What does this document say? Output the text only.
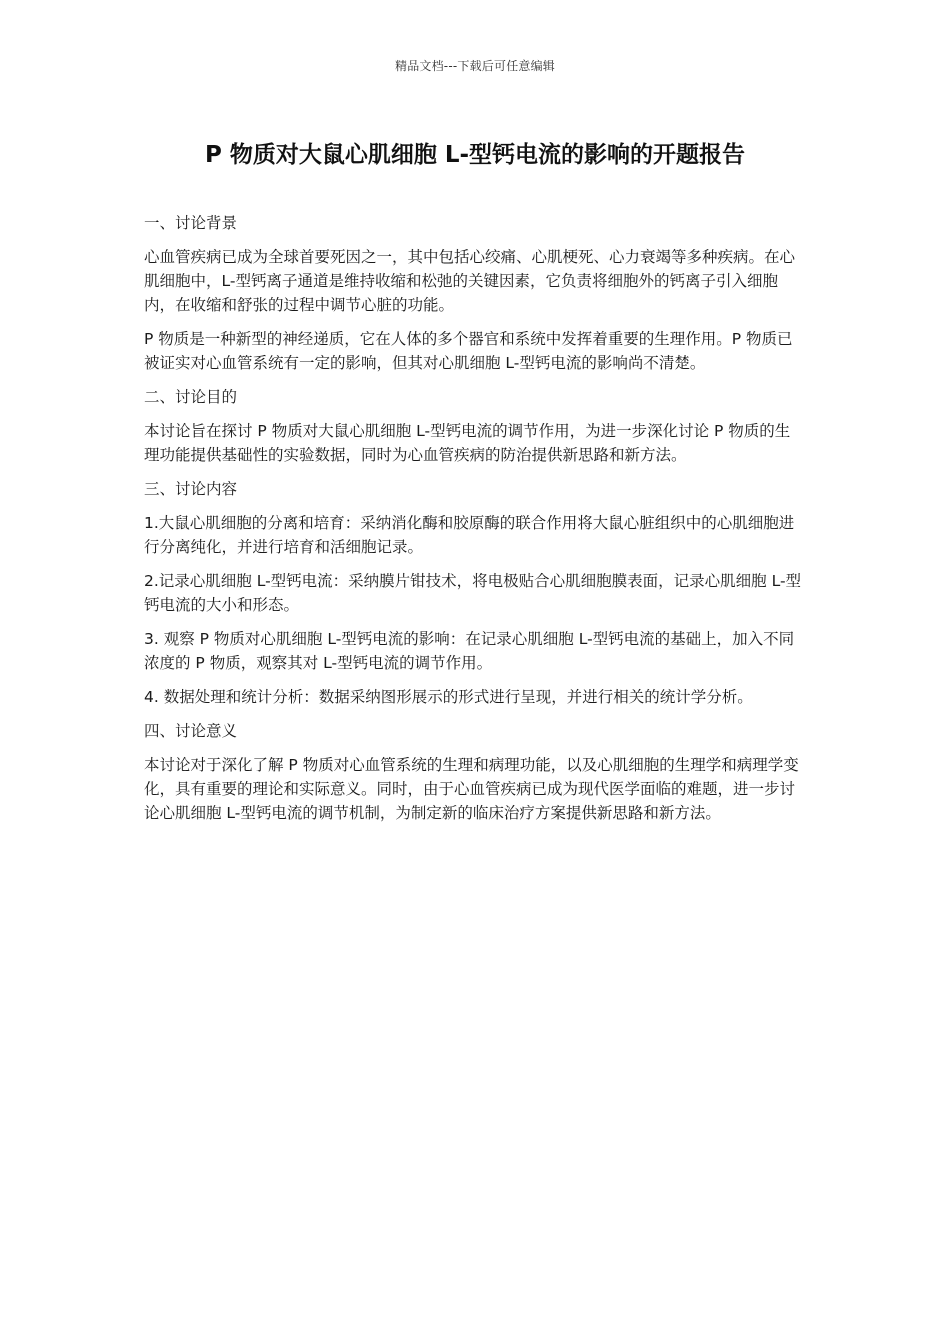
精品文档---下载后可任意编辑
P 物质对大鼠心肌细胞 L-型钙电流的影响的开题报告

一、讨论背景

心血管疾病已成为全球首要死因之一，其中包括心绞痛、心肌梗死、心力衰竭等多种疾病。在心肌细胞中，L-型钙离子通道是维持收缩和松弛的关键因素，它负责将细胞外的钙离子引入细胞内，在收缩和舒张的过程中调节心脏的功能。

P 物质是一种新型的神经递质，它在人体的多个器官和系统中发挥着重要的生理作用。P 物质已被证实对心血管系统有一定的影响，但其对心肌细胞 L-型钙电流的影响尚不清楚。

二、讨论目的

本讨论旨在探讨 P 物质对大鼠心肌细胞 L-型钙电流的调节作用，为进一步深化讨论 P 物质的生理功能提供基础性的实验数据，同时为心血管疾病的防治提供新思路和新方法。

三、讨论内容

1.大鼠心肌细胞的分离和培育：采纳消化酶和胶原酶的联合作用将大鼠心脏组织中的心肌细胞进行分离纯化，并进行培育和活细胞记录。

2.记录心肌细胞 L-型钙电流：采纳膜片钳技术，将电极贴合心肌细胞膜表面，记录心肌细胞 L-型钙电流的大小和形态。

3. 观察 P 物质对心肌细胞 L-型钙电流的影响：在记录心肌细胞 L-型钙电流的基础上，加入不同浓度的 P 物质，观察其对 L-型钙电流的调节作用。

4. 数据处理和统计分析：数据采纳图形展示的形式进行呈现，并进行相关的统计学分析。

四、讨论意义

本讨论对于深化了解 P 物质对心血管系统的生理和病理功能，以及心肌细胞的生理学和病理学变化，具有重要的理论和实际意义。同时，由于心血管疾病已成为现代医学面临的难题，进一步讨论心肌细胞 L-型钙电流的调节机制，为制定新的临床治疗方案提供新思路和新方法。
